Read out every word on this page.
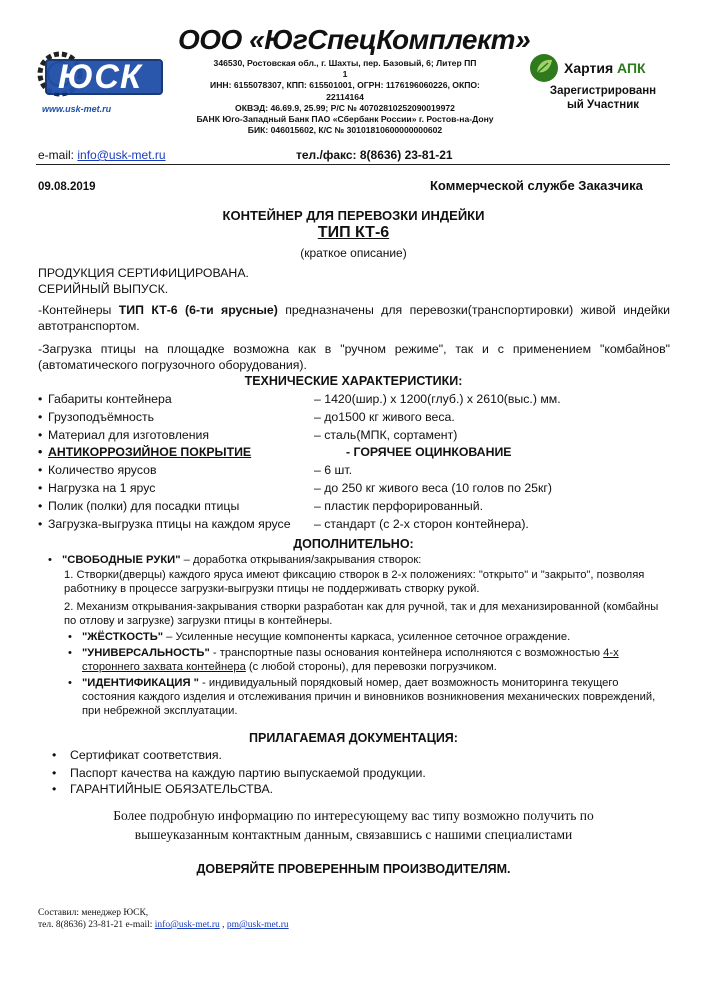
ЮСК
www.usk-met.ru
ООО «ЮгСпецКомплект»
346530, Ростовская обл., г. Шахты, пер. Базовый, 6; Литер ПП
1
ИНН: 6155078307, КПП: 615501001, ОГРН: 1176196060226, ОКПО:
22114164
ОКВЭД: 46.69.9, 25.99; Р/С № 40702810252090019972
БАНК Юго-Западный Банк ПАО «Сбербанк России» г. Ростов-на-Дону
БИК: 046015602, К/С № 30101810600000000602
Хартия АПК
Зарегистрированн
ый Участник
e-mail: info@usk-met.ru	тел./факс: 8(8636) 23-81-21
09.08.2019	Коммерческой службе Заказчика
КОНТЕЙНЕР ДЛЯ ПЕРЕВОЗКИ ИНДЕЙКИ
ТИП КТ-6
(краткое описание)
ПРОДУКЦИЯ СЕРТИФИЦИРОВАНА.
СЕРИЙНЫЙ ВЫПУСК.
-Контейнеры ТИП КТ-6 (6-ти ярусные) предназначены для перевозки(транспортировки) живой индейки автотранспортом.
-Загрузка птицы на площадке возможна как в "ручном режиме", так и с применением "комбайнов" (автоматического погрузочного оборудования).
ТЕХНИЧЕСКИЕ ХАРАКТЕРИСТИКИ:
• Габариты контейнера	– 1420(шир.) х 1200(глуб.) х 2610(выс.) мм.
• Грузоподъёмность	– до1500 кг живого веса.
• Материал для изготовления	– сталь(МПК, сортамент)
• АНТИКОРРОЗИЙНОЕ ПОКРЫТИЕ	- ГОРЯЧЕЕ ОЦИНКОВАНИЕ
• Количество ярусов	– 6 шт.
• Нагрузка на 1 ярус	– до 250 кг живого веса (10 голов по 25кг)
• Полик (полки) для посадки птицы	– пластик перфорированный.
• Загрузка-выгрузка птицы на каждом ярусе – стандарт (с 2-х сторон контейнера).
ДОПОЛНИТЕЛЬНО:
• "СВОБОДНЫЕ РУКИ" – доработка открывания/закрывания створок:
1. Створки(дверцы) каждого яруса имеют фиксацию створок в 2-х положениях: "открыто" и "закрыто", позволяя работнику в процессе загрузки-выгрузки птицы не поддерживать створку рукой.
2. Механизм открывания-закрывания створки разработан как для ручной, так и для механизированной (комбайны по отлову и загрузке) загрузки птицы в контейнеры.
• "ЖЁСТКОСТЬ" – Усиленные несущие компоненты каркаса, усиленное сеточное ограждение.
• "УНИВЕРСАЛЬНОСТЬ" - транспортные пазы основания контейнера исполняются с возможностью 4-х стороннего захвата контейнера (с любой стороны), для перевозки погрузчиком.
• "ИДЕНТИФИКАЦИЯ " - индивидуальный порядковый номер, дает возможность мониторинга текущего состояния каждого изделия и отслеживания причин и виновников возникновения механических повреждений, при небрежной эксплуатации.
ПРИЛАГАЕМАЯ ДОКУМЕНТАЦИЯ:
• Сертификат соответствия.
• Паспорт качества на каждую партию выпускаемой продукции.
• ГАРАНТИЙНЫЕ ОБЯЗАТЕЛЬСТВА.
Более подробную информацию по интересующему вас типу возможно получить по
вышеуказанным контактным данным, связавшись с нашими специалистами
ДОВЕРЯЙТЕ ПРОВЕРЕННЫМ ПРОИЗВОДИТЕЛЯМ.
Составил: менеджер ЮСК,
тел. 8(8636) 23-81-21 e-mail: info@usk-met.ru , pm@usk-met.ru
